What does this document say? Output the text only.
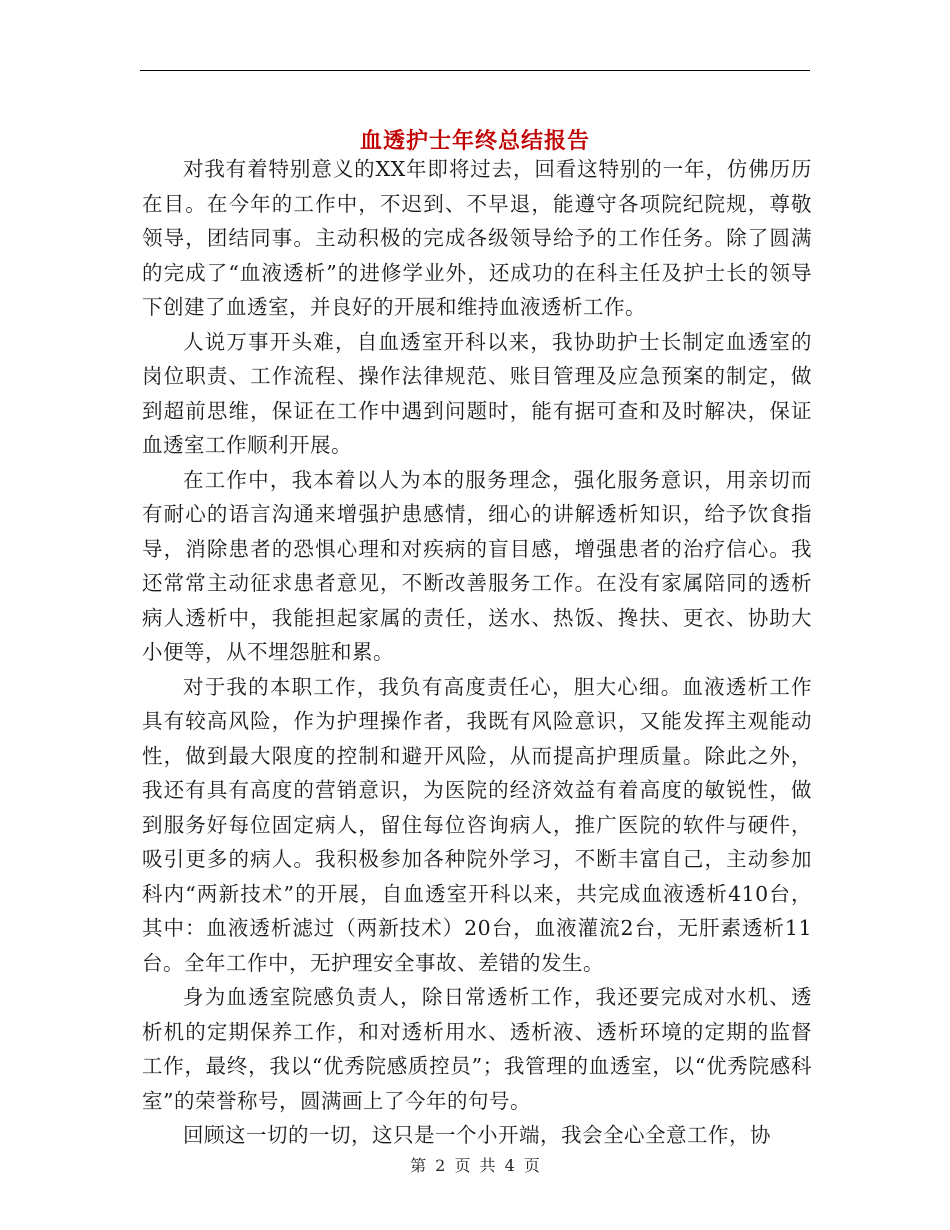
血透护士年终总结报告

对我有着特别意义的XX年即将过去，回看这特别的一年，仿佛历历在目。在今年的工作中，不迟到、不早退，能遵守各项院纪院规，尊敬领导，团结同事。主动积极的完成各级领导给予的工作任务。除了圆满的完成了“血液透析”的进修学业外，还成功的在科主任及护士长的领导下创建了血透室，并良好的开展和维持血液透析工作。

人说万事开头难，自血透室开科以来，我协助护士长制定血透室的岗位职责、工作流程、操作法律规范、账目管理及应急预案的制定，做到超前思维，保证在工作中遇到问题时，能有据可查和及时解决，保证血透室工作顺利开展。

在工作中，我本着以人为本的服务理念，强化服务意识，用亲切而有耐心的语言沟通来增强护患感情，细心的讲解透析知识，给予饮食指导，消除患者的恐惧心理和对疾病的盲目感，增强患者的治疗信心。我还常常主动征求患者意见，不断改善服务工作。在没有家属陪同的透析病人透析中，我能担起家属的责任，送水、热饭、搀扶、更衣、协助大小便等，从不埋怨脏和累。

对于我的本职工作，我负有高度责任心，胆大心细。血液透析工作具有较高风险，作为护理操作者，我既有风险意识，又能发挥主观能动性，做到最大限度的控制和避开风险，从而提高护理质量。除此之外，我还有具有高度的营销意识，为医院的经济效益有着高度的敏锐性，做到服务好每位固定病人，留住每位咨询病人，推广医院的软件与硬件，吸引更多的病人。我积极参加各种院外学习，不断丰富自己，主动参加科内“两新技术”的开展，自血透室开科以来，共完成血液透析410台，其中：血液透析滤过（两新技术）20台，血液灌流2台，无肝素透析11台。全年工作中，无护理安全事故、差错的发生。

身为血透室院感负责人，除日常透析工作，我还要完成对水机、透析机的定期保养工作，和对透析用水、透析液、透析环境的定期的监督工作，最终，我以“优秀院感质控员”；我管理的血透室，以“优秀院感科室”的荣誉称号，圆满画上了今年的句号。

回顾这一切的一切，这只是一个小开端，我会全心全意工作，协

第 2 页 共 4 页
